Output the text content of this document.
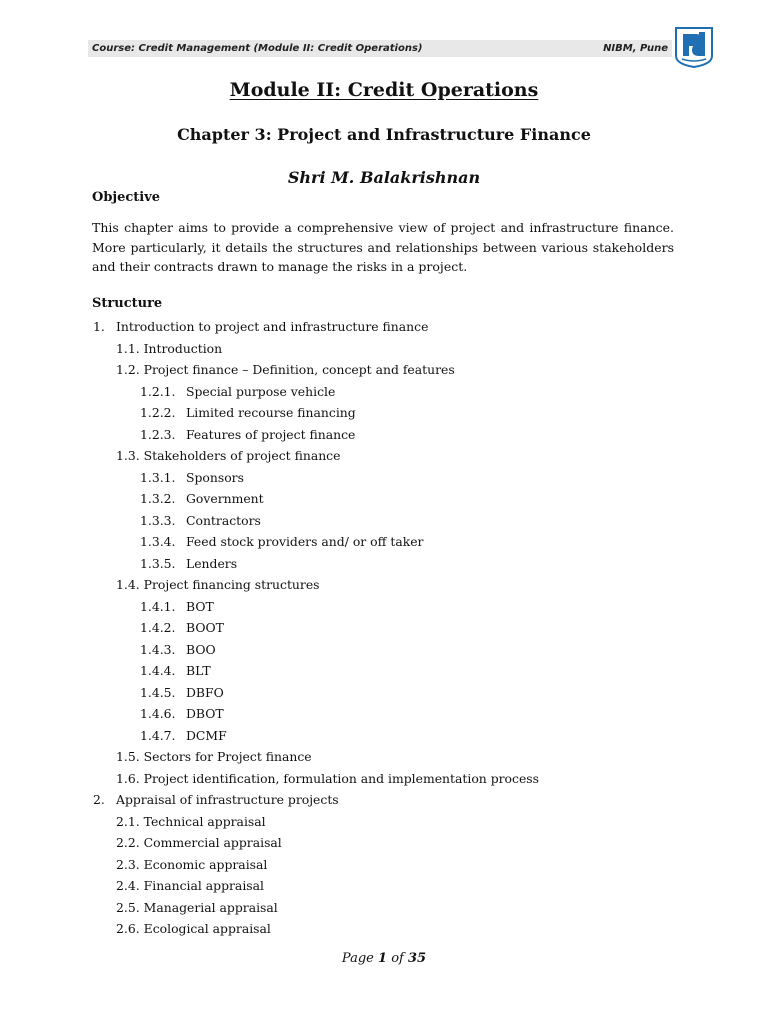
Course: Credit Management (Module II: Credit Operations)	NIBM, Pune
Module II: Credit Operations
Chapter 3: Project and Infrastructure Finance
Shri M. Balakrishnan
Objective
This chapter aims to provide a comprehensive view of project and infrastructure finance. More particularly, it details the structures and relationships between various stakeholders and their contracts drawn to manage the risks in a project.
Structure
1. Introduction to project and infrastructure finance
1.1. Introduction
1.2. Project finance – Definition, concept and features
1.2.1. Special purpose vehicle
1.2.2. Limited recourse financing
1.2.3. Features of project finance
1.3. Stakeholders of project finance
1.3.1. Sponsors
1.3.2. Government
1.3.3. Contractors
1.3.4. Feed stock providers and/ or off taker
1.3.5. Lenders
1.4. Project financing structures
1.4.1. BOT
1.4.2. BOOT
1.4.3. BOO
1.4.4. BLT
1.4.5. DBFO
1.4.6. DBOT
1.4.7. DCMF
1.5. Sectors for Project finance
1.6. Project identification, formulation and implementation process
2. Appraisal of infrastructure projects
2.1. Technical appraisal
2.2. Commercial appraisal
2.3. Economic appraisal
2.4. Financial appraisal
2.5. Managerial appraisal
2.6. Ecological appraisal
Page 1 of 35
